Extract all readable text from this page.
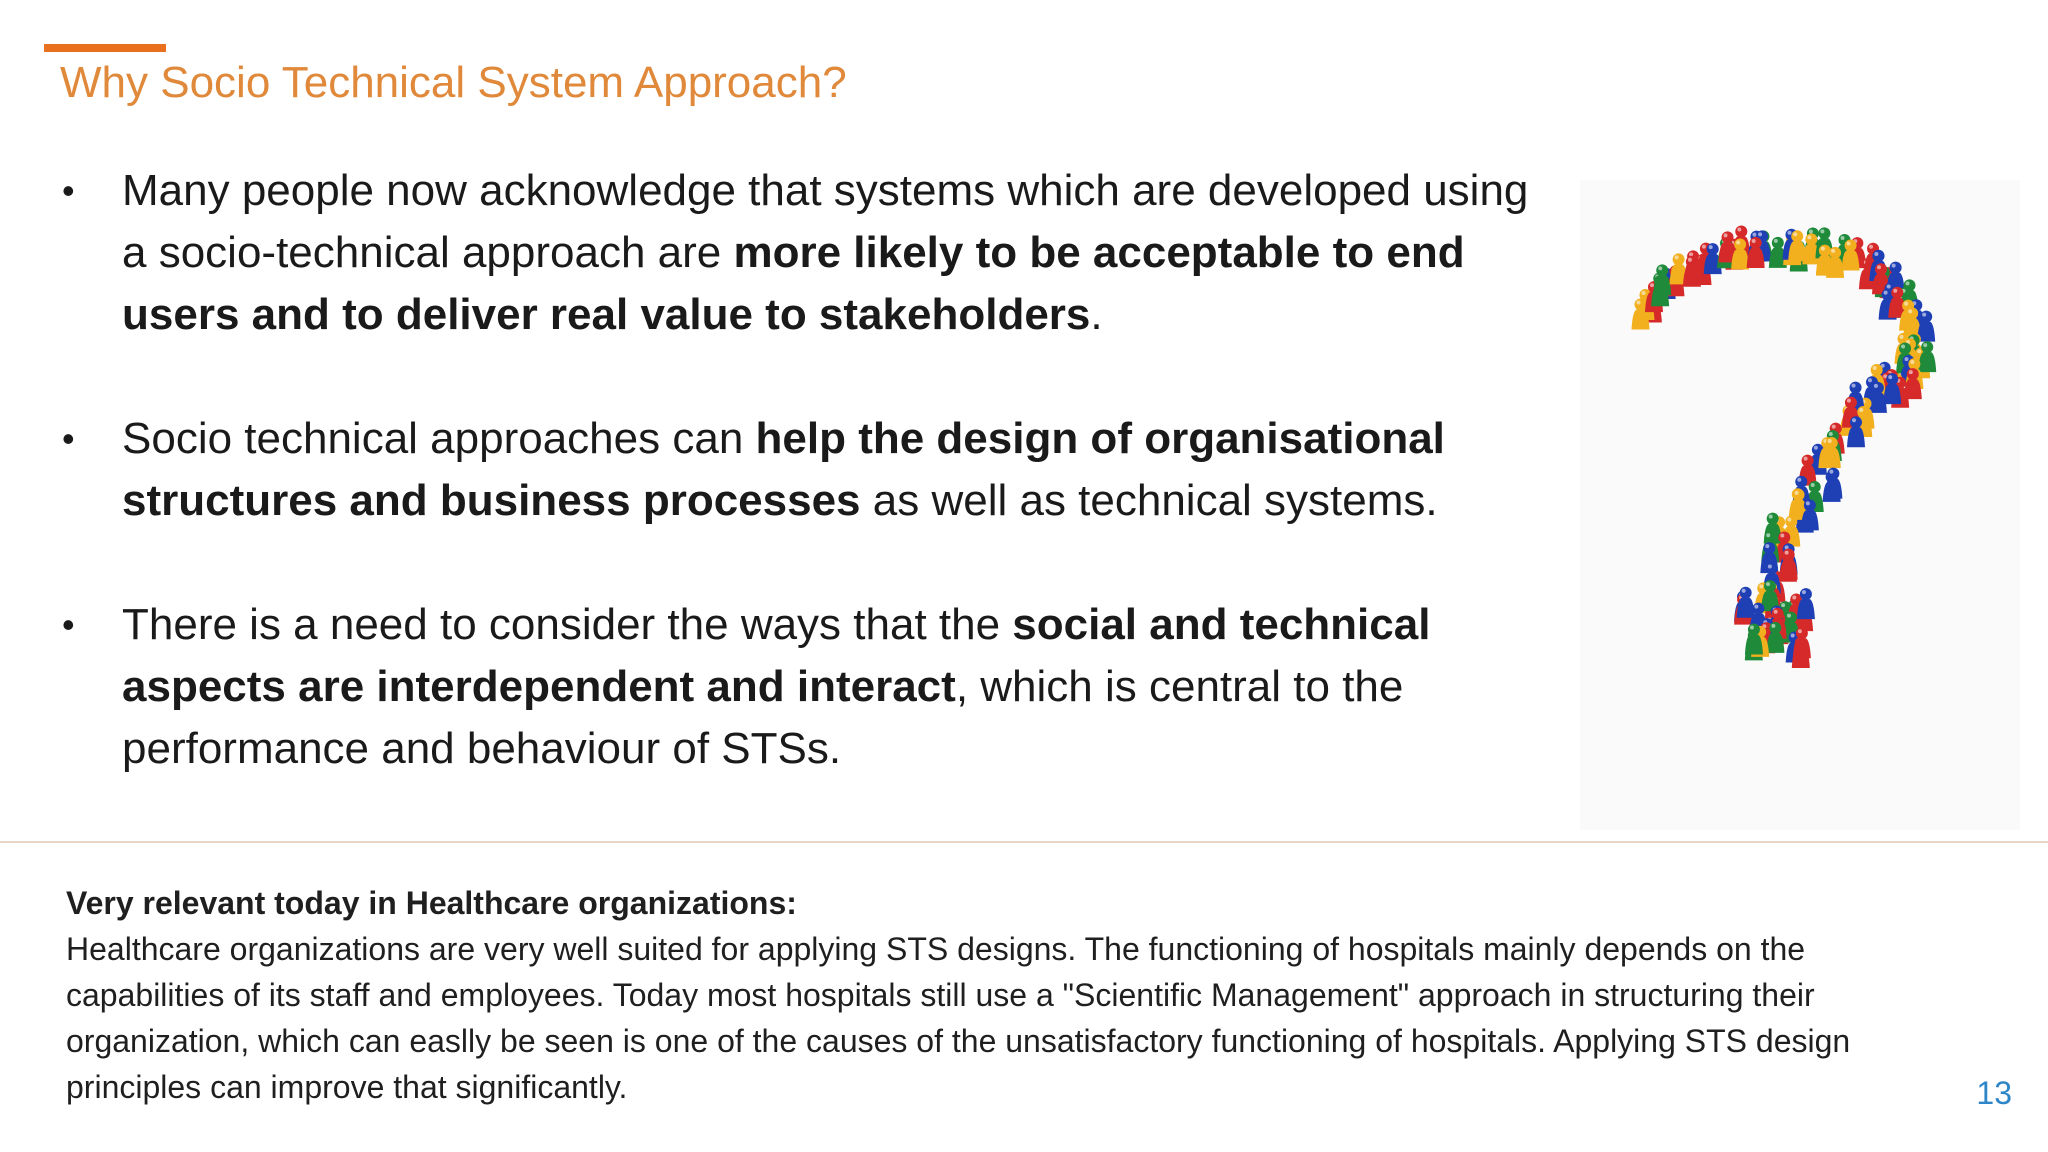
Why Socio Technical System Approach?
• Many people now acknowledge that systems which are developed using a socio-technical approach are more likely to be acceptable to end users and to deliver real value to stakeholders.
• Socio technical approaches can help the design of organisational structures and business processes as well as technical systems.
• There is a need to consider the ways that the social and technical aspects are interdependent and interact, which is central to the performance and behaviour of STSs.
Very relevant today in Healthcare organizations:
Healthcare organizations are very well suited for applying STS designs. The functioning of hospitals mainly depends on the capabilities of its staff and employees. Today most hospitals still use a "Scientific Management" approach in structuring their organization, which can easlly be seen is one of the causes of the unsatisfactory functioning of hospitals. Applying STS design principles can improve that significantly.	13
